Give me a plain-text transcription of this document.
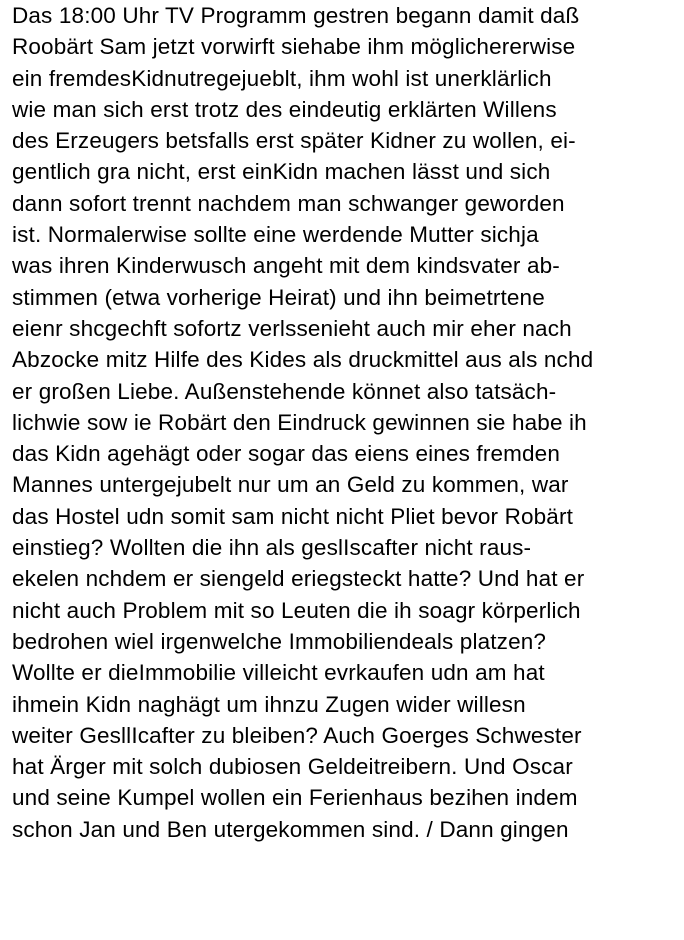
Das 18:00 Uhr TV Programm gestren begann damit daß
Roobärt Sam jetzt vorwirft siehabe ihm möglichererwise
ein fremdesKidnutregejueblt, ihm wohl ist unerklärlich
wie man sich erst trotz des eindeutig erklärten Willens
des Erzeugers betsfalls erst später Kidner zu wollen, ei-
gentlich gra nicht, erst einKidn machen lässt und sich
dann sofort trennt nachdem man schwanger geworden
ist. Normalerwise sollte eine werdende Mutter sichja
was ihren Kinderwusch angeht mit dem kindsvater ab-
stimmen (etwa vorherige Heirat) und ihn beimetrtene
eienr shcgechft sofortz verlssenieht auch mir eher nach
Abzocke mitz Hilfe des Kides als druckmittel aus als nchd
er großen Liebe. Außenstehende könnet also tatsäch-
lichwie sow ie Robärt den Eindruck gewinnen sie habe ih
das Kidn agehägt oder sogar das eiens eines fremden
Mannes untergejubelt nur um an Geld zu kommen, war
das Hostel udn somit sam nicht nicht Pliet bevor Robärt
einstieg? Wollten die ihn als geslIscafter nicht raus-
ekelen nchdem er siengeld eriegsteckt hatte? Und hat er
nicht auch Problem mit so Leuten die ih soagr körperlich
bedrohen wiel irgenwelche Immobiliendeals platzen?
Wollte er dieImmobilie villeicht evrkaufen udn am hat
ihmein Kidn naghägt um ihnzu Zugen wider willesn
weiter GesllIcafter zu bleiben? Auch Goerges Schwester
hat Ärger mit solch dubiosen Geldeitreibern. Und Oscar
und seine Kumpel wollen ein Ferienhaus bezihen indem
schon Jan und Ben utergekommen sind. / Dann gingen
